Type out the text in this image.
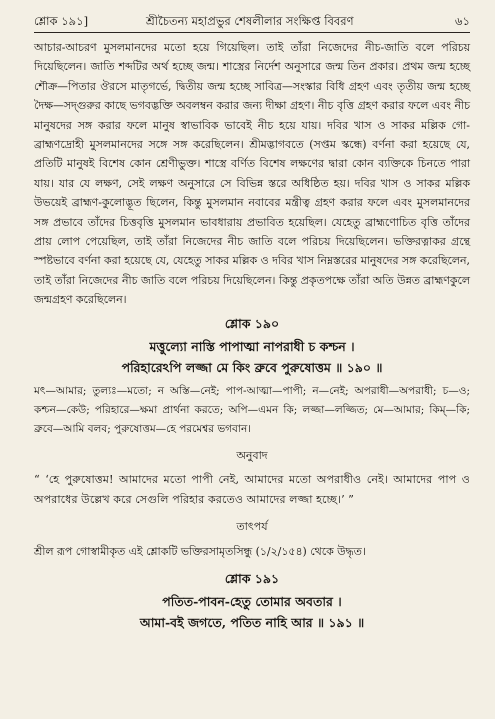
শ্লোক ১৯১]	শ্রীচৈতন্য মহাপ্রভুর শেষলীলার সংক্ষিপ্ত বিবরণ	৬১

আচার-আচরণ মুসলমানদের মতো হয়ে গিয়েছিল। তাই তাঁরা নিজেদের নীচ-জাতি বলে পরিচয় দিয়েছিলেন। জাতি শব্দটির অর্থ হচ্ছে জন্ম। শাস্ত্রের নির্দেশ অনুসারে জন্ম তিন প্রকার। প্রথম জন্ম হচ্ছে শৌক্র—পিতার ঔরসে মাতৃগর্ভে, দ্বিতীয় জন্ম হচ্ছে সাবিত্র—সংস্কার বিধি গ্রহণ এবং তৃতীয় জন্ম হচ্ছে দৈক্ষ—সদ্গুরুর কাছে ভগবদ্ভক্তি অবলম্বন করার জন্য দীক্ষা গ্রহণ। নীচ বৃত্তি গ্রহণ করার ফলে এবং নীচ মানুষদের সঙ্গ করার ফলে মানুষ স্বাভাবিক ভাবেই নীচ হয়ে যায়। দবির খাস ও সাকর মল্লিক গো-ব্রাহ্মণদ্রোহী মুসলমানদের সঙ্গে সঙ্গ করেছিলেন। শ্রীমদ্ভাগবতে (সপ্তম স্কন্ধে) বর্ণনা করা হয়েছে যে, প্রতিটি মানুষই বিশেষ কোন শ্রেণীভুক্ত। শাস্ত্রে বর্ণিত বিশেষ লক্ষণের দ্বারা কোন ব্যক্তিকে চিনতে পারা যায়। যার যে লক্ষণ, সেই লক্ষণ অনুসারে সে বিভিন্ন স্তরে অধিষ্ঠিত হয়। দবির খাস ও সাকর মল্লিক উভয়েই ব্রাহ্মণ-কুলোদ্ভূত ছিলেন, কিন্তু মুসলমান নবাবের মন্ত্রীত্ব গ্রহণ করার ফলে এবং মুসলমানদের সঙ্গ প্রভাবে তাঁদের চিত্তবৃত্তি মুসলমান ভাবধারায় প্রভাবিত হয়েছিল। যেহেতু ব্রাহ্মণোচিত বৃত্তি তাঁদের প্রায় লোপ পেয়েছিল, তাই তাঁরা নিজেদের নীচ জাতি বলে পরিচয় দিয়েছিলেন। ভক্তিরত্নাকর গ্রন্থে স্পষ্টভাবে বর্ণনা করা হয়েছে যে, যেহেতু সাকর মল্লিক ও দবির খাস নিম্নস্তরের মানুষদের সঙ্গ করেছিলেন, তাই তাঁরা নিজেদের নীচ জাতি বলে পরিচয় দিয়েছিলেন। কিন্তু প্রকৃতপক্ষে তাঁরা অতি উন্নত ব্রাহ্মণকুলে জন্মগ্রহণ করেছিলেন।

শ্লোক ১৯০
মত্তুল্যো নাস্তি পাপাত্মা নাপরাধী চ কশ্চন ।
পরিহারেঽপি লজ্জা মে কিং ব্রুবে পুরুষোত্তম ॥ ১৯০ ॥

মৎ—আমার; তুল্যঃ—মতো; ন অস্তি—নেই; পাপ-আত্মা—পাপী; ন—নেই; অপরাধী—অপরাধী; চ—ও; কশ্চন—কেউ; পরিহারে—ক্ষমা প্রার্থনা করতে; অপি—এমন কি; লজ্জা—লজ্জিত; মে—আমার; কিম্—কি; ব্রুবে—আমি বলব; পুরুষোত্তম—হে পরমেশ্বর ভগবান।

অনুবাদ

“ ‘হে পুরুষোত্তম! আমাদের মতো পাপী নেই, আমাদের মতো অপরাধীও নেই। আমাদের পাপ ও অপরাধের উল্লেখ করে সেগুলি পরিহার করতেও আমাদের লজ্জা হচ্ছে।’ ”

তাৎপর্য

শ্রীল রূপ গোস্বামীকৃত এই শ্লোকটি ভক্তিরসামৃতসিন্ধু (১/২/১৫৪) থেকে উদ্ধৃত।

শ্লোক ১৯১
পতিত-পাবন-হেতু তোমার অবতার ।
আমা-বই জগতে, পতিত নাহি আর ॥ ১৯১ ॥
